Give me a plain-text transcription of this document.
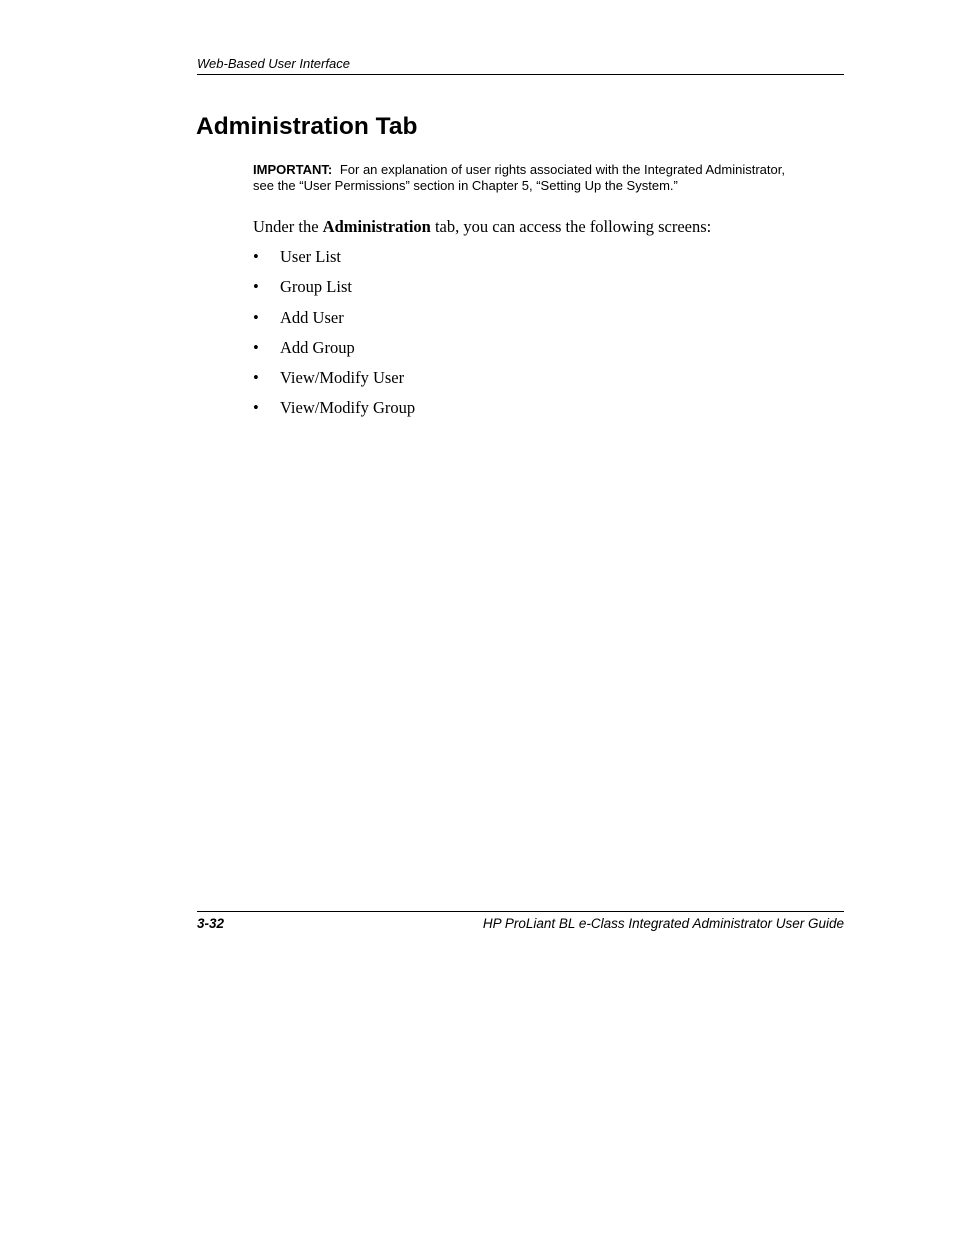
Web-Based User Interface
Administration Tab
IMPORTANT: For an explanation of user rights associated with the Integrated Administrator,
see the “User Permissions” section in Chapter 5, “Setting Up the System.”
Under the Administration tab, you can access the following screens:
• User List
• Group List
• Add User
• Add Group
• View/Modify User
• View/Modify Group
3-32	HP ProLiant BL e-Class Integrated Administrator User Guide
